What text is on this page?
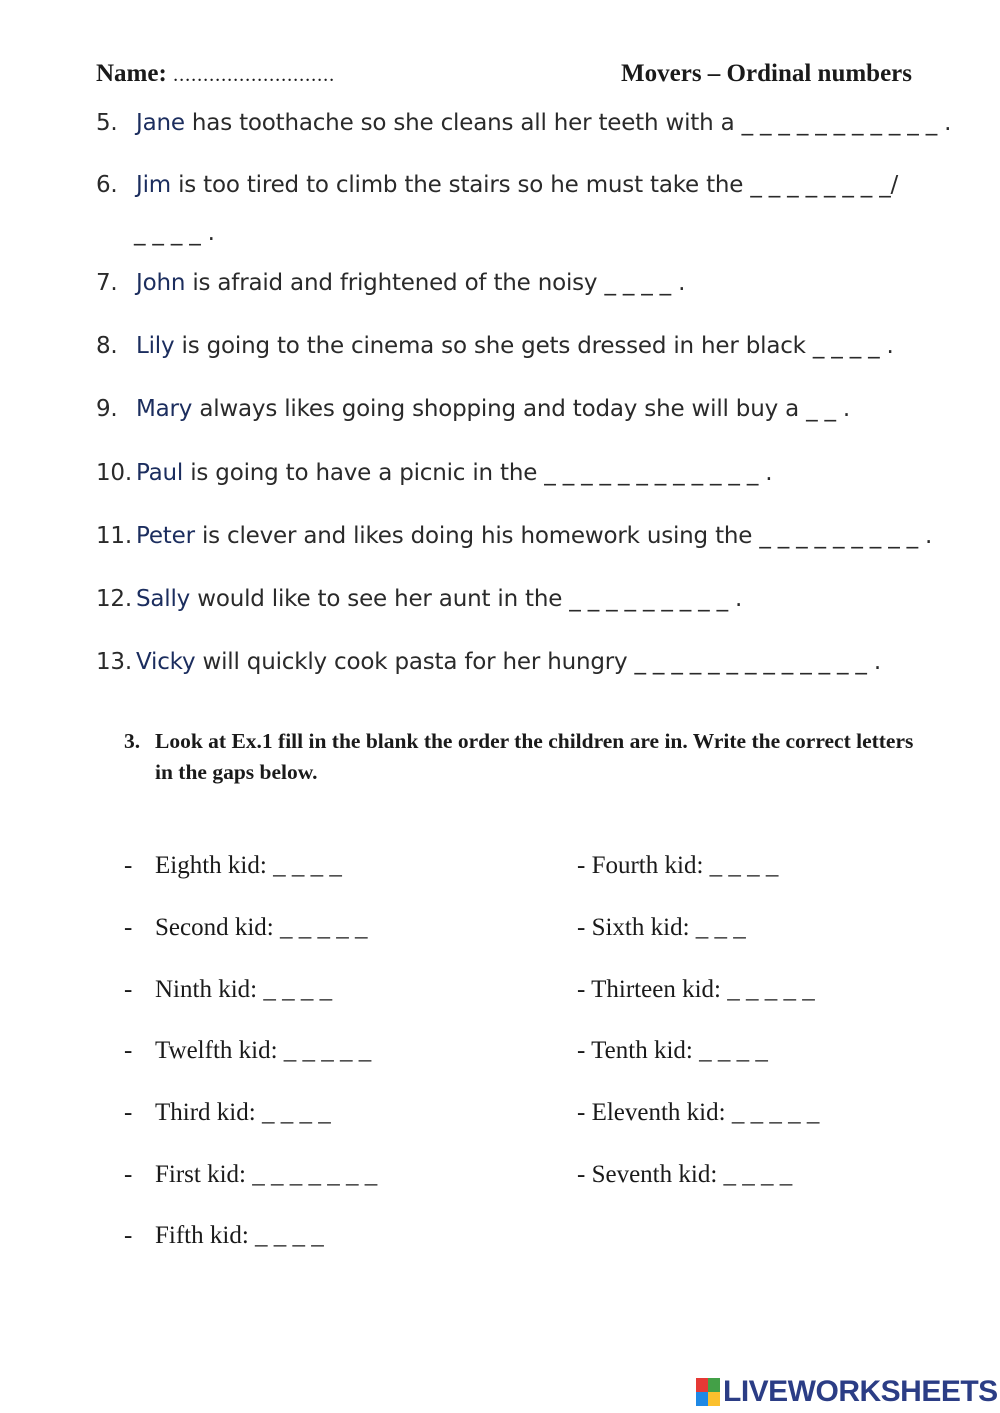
Name: ...........................	Movers – Ordinal numbers
5. Jane has toothache so she cleans all her teeth with a _ _ _ _ _ _ _ _ _ _ _ .
6. Jim is too tired to climb the stairs so he must take the _ _ _ _ _ _ _ _/
_ _ _ _ .
7. John is afraid and frightened of the noisy _ _ _ _ .
8. Lily is going to the cinema so she gets dressed in her black _ _ _ _ .
9. Mary always likes going shopping and today she will buy a _ _ .
10. Paul is going to have a picnic in the _ _ _ _ _ _ _ _ _ _ _ _ .
11. Peter is clever and likes doing his homework using the _ _ _ _ _ _ _ _ _ .
12. Sally would like to see her aunt in the _ _ _ _ _ _ _ _ _ .
13. Vicky will quickly cook pasta for her hungry _ _ _ _ _ _ _ _ _ _ _ _ _ .
3. Look at Ex.1 fill in the blank the order the children are in. Write the correct letters in the gaps below.
- Eighth kid: _ _ _ _
- Second kid: _ _ _ _ _
- Ninth kid: _ _ _ _
- Twelfth kid: _ _ _ _ _
- Third kid: _ _ _ _
- First kid: _ _ _ _ _ _ _
- Fifth kid: _ _ _ _
- Fourth kid: _ _ _ _
- Sixth kid: _ _ _
- Thirteen kid: _ _ _ _ _
- Tenth kid: _ _ _ _
- Eleventh kid: _ _ _ _ _
- Seventh kid: _ _ _ _
LIVEWORKSHEETS
